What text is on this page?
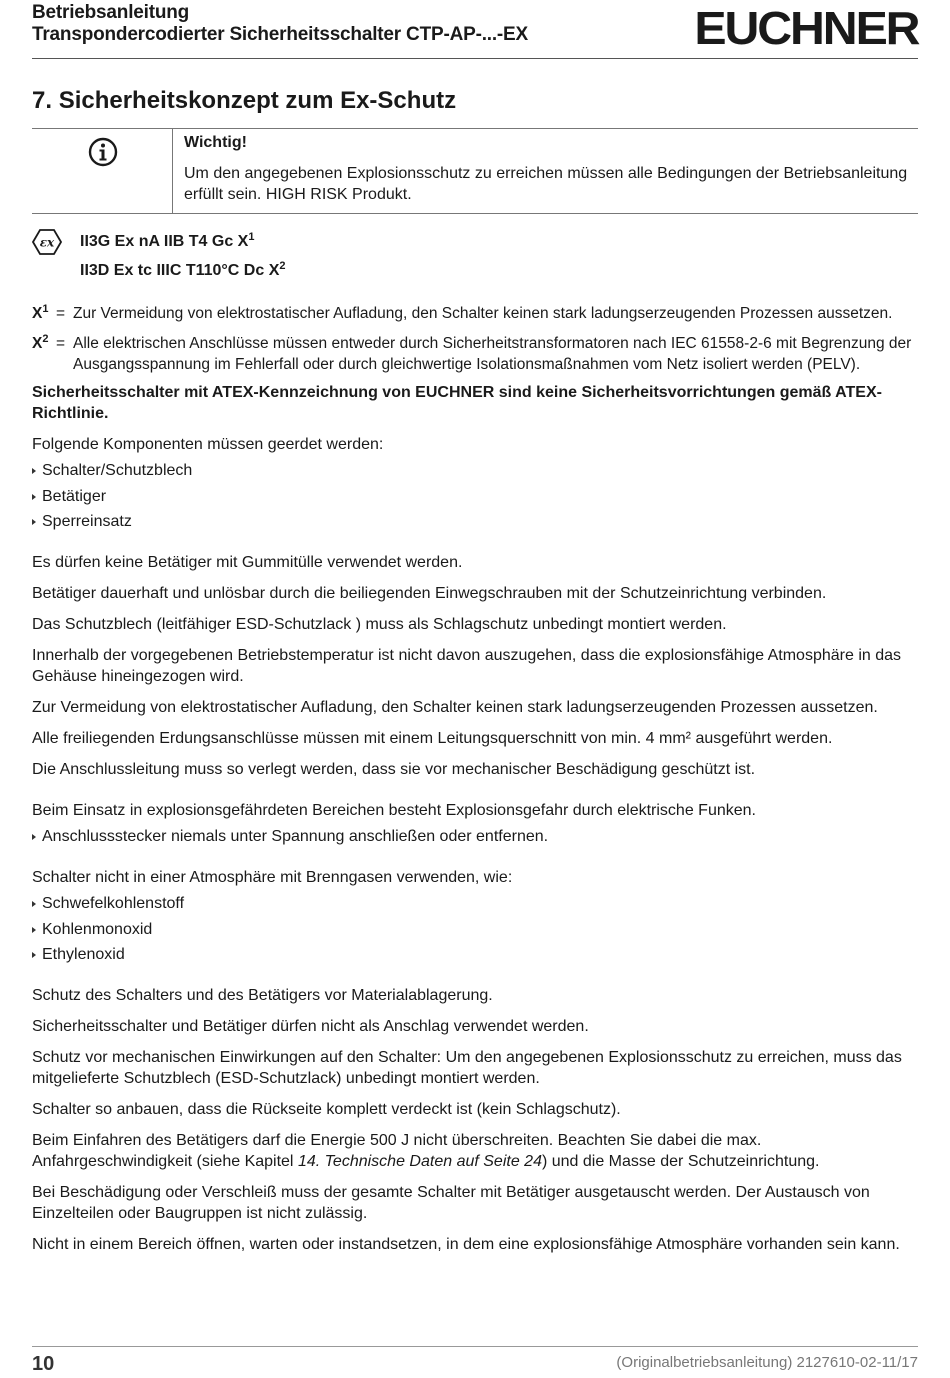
Betriebsanleitung
Transpondercodierter Sicherheitsschalter CTP-AP-...-EX	EUCHNER
7. Sicherheitskonzept zum Ex-Schutz
Wichtig!
Um den angegebenen Explosionsschutz zu erreichen müssen alle Bedingungen der Betriebsanleitung erfüllt sein. HIGH RISK Produkt.
εx II3G Ex nA IIB T4 Gc $X^1$
II3D Ex tc IIIC T110°C Dc $X^2$
$X^1$ = Zur Vermeidung von elektrostatischer Aufladung, den Schalter keinen stark ladungserzeugenden Prozessen aussetzen.
$X^2$ = Alle elektrischen Anschlüsse müssen entweder durch Sicherheitstransformatoren nach IEC 61558-2-6 mit Begrenzung der Ausgangsspannung im Fehlerfall oder durch gleichwertige Isolationsmaßnahmen vom Netz isoliert werden (PELV).

Sicherheitsschalter mit ATEX-Kennzeichnung von EUCHNER sind keine Sicherheitsvorrichtungen gemäß ATEX-Richtlinie.

Folgende Komponenten müssen geerdet werden:

Schalter/Schutzblech
Betätiger
Sperreinsatz

Es dürfen keine Betätiger mit Gummitülle verwendet werden.

Betätiger dauerhaft und unlösbar durch die beiliegenden Einwegschrauben mit der Schutzeinrichtung verbinden.

Das Schutzblech (leitfähiger ESD-Schutzlack ) muss als Schlagschutz unbedingt montiert werden.

Innerhalb der vorgegebenen Betriebstemperatur ist nicht davon auszugehen, dass die explosionsfähige Atmosphäre in das Gehäuse hineingezogen wird.

Zur Vermeidung von elektrostatischer Aufladung, den Schalter keinen stark ladungserzeugenden Prozessen aussetzen.

Alle freiliegenden Erdungsanschlüsse müssen mit einem Leitungsquerschnitt von min. 4 mm² ausgeführt werden.

Die Anschlussleitung muss so verlegt werden, dass sie vor mechanischer Beschädigung geschützt ist.

Beim Einsatz in explosionsgefährdeten Bereichen besteht Explosionsgefahr durch elektrische Funken.

Anschlussstecker niemals unter Spannung anschließen oder entfernen.

Schalter nicht in einer Atmosphäre mit Brenngasen verwenden, wie:

Schwefelkohlenstoff
Kohlenmonoxid
Ethylenoxid

Schutz des Schalters und des Betätigers vor Materialablagerung.

Sicherheitsschalter und Betätiger dürfen nicht als Anschlag verwendet werden.

Schutz vor mechanischen Einwirkungen auf den Schalter: Um den angegebenen Explosionsschutz zu erreichen, muss das mitgelieferte Schutzblech (ESD-Schutzlack) unbedingt montiert werden.

Schalter so anbauen, dass die Rückseite komplett verdeckt ist (kein Schlagschutz).

Beim Einfahren des Betätigers darf die Energie 500 J nicht überschreiten. Beachten Sie dabei die max. Anfahrgeschwindigkeit (siehe Kapitel 14. Technische Daten auf Seite 24) und die Masse der Schutzeinrichtung.

Bei Beschädigung oder Verschleiß muss der gesamte Schalter mit Betätiger ausgetauscht werden. Der Austausch von Einzelteilen oder Baugruppen ist nicht zulässig.

Nicht in einem Bereich öffnen, warten oder instandsetzen, in dem eine explosionsfähige Atmosphäre vorhanden sein kann.

10	(Originalbetriebsanleitung) 2127610-02-11/17
